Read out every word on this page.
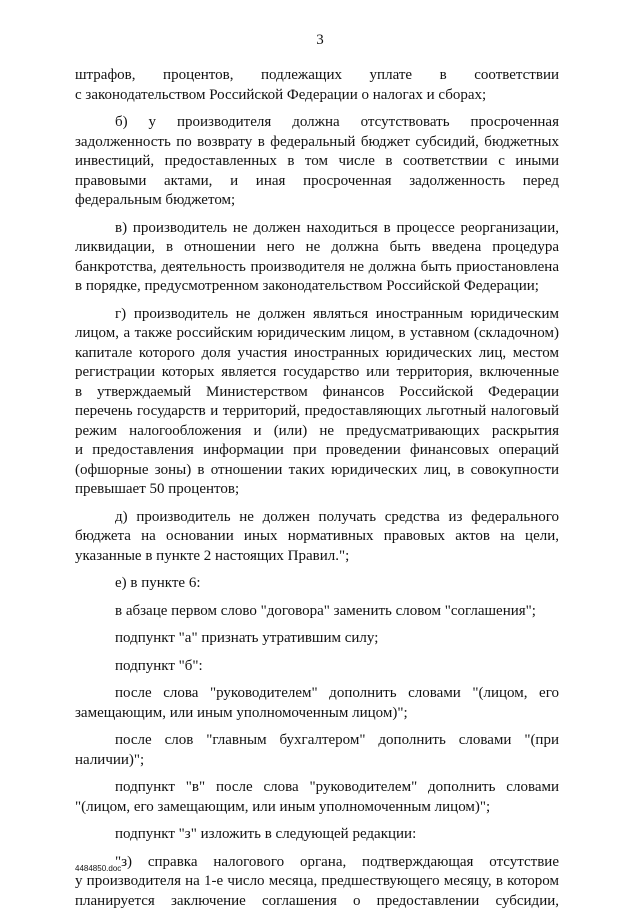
3
штрафов, процентов, подлежащих уплате в соответствии
с законодательством Российской Федерации о налогах и сборах;
б) у производителя должна отсутствовать просроченная
задолженность по возврату в федеральный бюджет субсидий, бюджетных
инвестиций, предоставленных в том числе в соответствии с иными
правовыми актами, и иная просроченная задолженность перед
федеральным бюджетом;
в) производитель не должен находиться в процессе реорганизации,
ликвидации, в отношении него не должна быть введена процедура
банкротства, деятельность производителя не должна быть приостановлена
в порядке, предусмотренном законодательством Российской Федерации;
г) производитель не должен являться иностранным юридическим
лицом, а также российским юридическим лицом, в уставном (складочном)
капитале которого доля участия иностранных юридических лиц, местом
регистрации которых является государство или территория, включенные
в утверждаемый Министерством финансов Российской Федерации
перечень государств и территорий, предоставляющих льготный налоговый
режим налогообложения и (или) не предусматривающих раскрытия
и предоставления информации при проведении финансовых операций
(офшорные зоны) в отношении таких юридических лиц, в совокупности
превышает 50 процентов;
д) производитель не должен получать средства из федерального
бюджета на основании иных нормативных правовых актов на цели,
указанные в пункте 2 настоящих Правил.";
е) в пункте 6:
в абзаце первом слово "договора" заменить словом "соглашения";
подпункт "а" признать утратившим силу;
подпункт "б":
после слова "руководителем" дополнить словами "(лицом, его
замещающим, или иным уполномоченным лицом)";
после слов "главным бухгалтером" дополнить словами "(при
наличии)";
подпункт "в" после слова "руководителем" дополнить словами
"(лицом, его замещающим, или иным уполномоченным лицом)";
подпункт "з" изложить в следующей редакции:
"з) справка налогового органа, подтверждающая отсутствие
у производителя на 1-е число месяца, предшествующего месяцу, в котором
планируется заключение соглашения о предоставлении субсидии,
4484850.doc
